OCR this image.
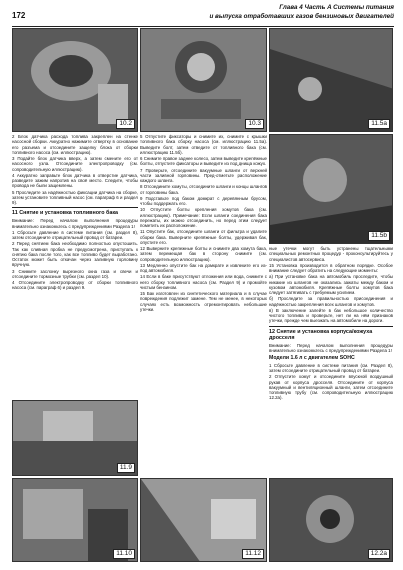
172
Глава 4 Часть A Системы питания
и выпуска отработавших газов бензиновых двигателей
10.2	10.3	11.5a
11.5b
11.9
11.10	11.12	12.2a

2 Блок датчика расхода топлива закреплен на стенке насосной сборки. Аккуратно нажимите отвертку в основание его разъема и отсоедините защелку блока от сборки топливного насоса (см. иллюстрацию).

3 Подайте блок датчика вверх, а затем смените его от насосного узла. Отсоедините электропроводку (см. сопроводительную иллюстрацию).

4 Аккуратно заправьте блок датчика в отверстие датчика, разведите зажим напротив на своё место. Следите, чтобы провода не были защемлены.

5 Проследите за надёжностью фиксации датчика на сборке, затем установите топливный насос (см. параграф 6 и раздел 9).

11 Снятие и установка топливного бака

Внимание: Перед началом выполнения процедуры внимательно ознакомьтесь с предупреждениями Раздела 1!

1 Сбросьте давление в системе питания (см. раздел 8), затем отсоедините отрицательный провод от батареи.

2 Перед снятием бака необходимо полностью опустошить. Так как сливная пробка не предусмотрена, приступать к снятию бака после того, как все топливо будет выработано. Остаток может быть откачан через заливную горловину вручную.

3 Снимите заслонку вырезного окна газа и свечи и отсоедините тормозные трубки (см. раздел 10).

4 Отсоедините электропроводку от сборки топливного насоса (см. параграф 6) и раздел 9.

5 Отпустите фиксаторы и снимите их, снимите с крышки топливного бака сборку насоса (см. иллюстрацию 11.5а). Выведите болт, затем отведите от топливного бака (см. иллюстрацию 11.5б).

6 Снимите правое заднее колесо, затем выведите крепёжные болты, отпустите фиксаторы и выведите из под днища кожух.

7 Проверьте, отсоедините вакуумные шланги от верхней части заливной горловины. Пред-отметьте расположение каждого шланга.

8 Отсоедините хомуты, отсоедините шланги и концы шлангов от горловины бака.

9 Подставьте под баком домкрат с деревянным брусом, чтобы поддержать его.

10 Отпустите болты крепления хомутов бака (см. иллюстрацию). Примечание: Если шланги соединения бака пережаты, их можно отсоединить, но перед этим следует пометить их расположение.

11 Опустите бак, отсоедините шланги от фильтра и удалите сборки бака. Выверните крепёжные болты, удерживая бак, опустите его.

12 Выверните крепежные болты и снимите два хомута бака, затем перемещая бак в сторону снимите (см. сопроводительную иллюстрацию).

13 Медленно опустите бак на домкрате и извлеките его из-под автомобиля.

14 Если в баке присутствуют отложения или вода, снимите с него сборку топливного насоса (см. Раздел 9) и промойте чистым бензином.

15 Бак изготовлен из синтетического материала и в случае повреждения подлежит замене. Тем не менее, в некоторых случаях есть возможность отремонтировать небольшие утечки.

ные утечки могут быть устранены тщательными специальных ремонтных процедур - проконсультируйтесь у специалистов автосервиса.

15 Установка производится в обратном порядке. Особое внимание следует обратить на следующие моменты:

а) При установке бака на автомобиль проследите, чтобы никакие из шлангов не оказались зажаты между баком и кузовом автомобиля. Крепёжные болты хомутов бака следует затягивать с требуемым усилием.

б) Проследите за правильностью присоединения и надёжностью закрепления всех шлангов и хомутов.

в) В заключение залейте в бак небольшое количество чистого топлива и проверьте, нет ли на нём признаков утечки, прежде чем выезжать на автомобиле на дороги.

12 Снятие и установка корпуса/кожуха дросселя

Внимание: Перед началом выполнения процедуры внимательно ознакомьтесь с предупреждениями Раздела 1!

Модели 1.6 л с двигателем SOHC

1 Сбросьте давление в системе питания (см. Раздел 8), затем отсоедините отрицательный провод от батареи.

2 Отпустите хомут и отсоедините впускной воздушный рукав от корпуса дросселя. Отсоедините от корпуса вакуумный и вентиляционный шланги, затем отсоедините топливную трубу (см. сопроводительную иллюстрацию 12.2а).
